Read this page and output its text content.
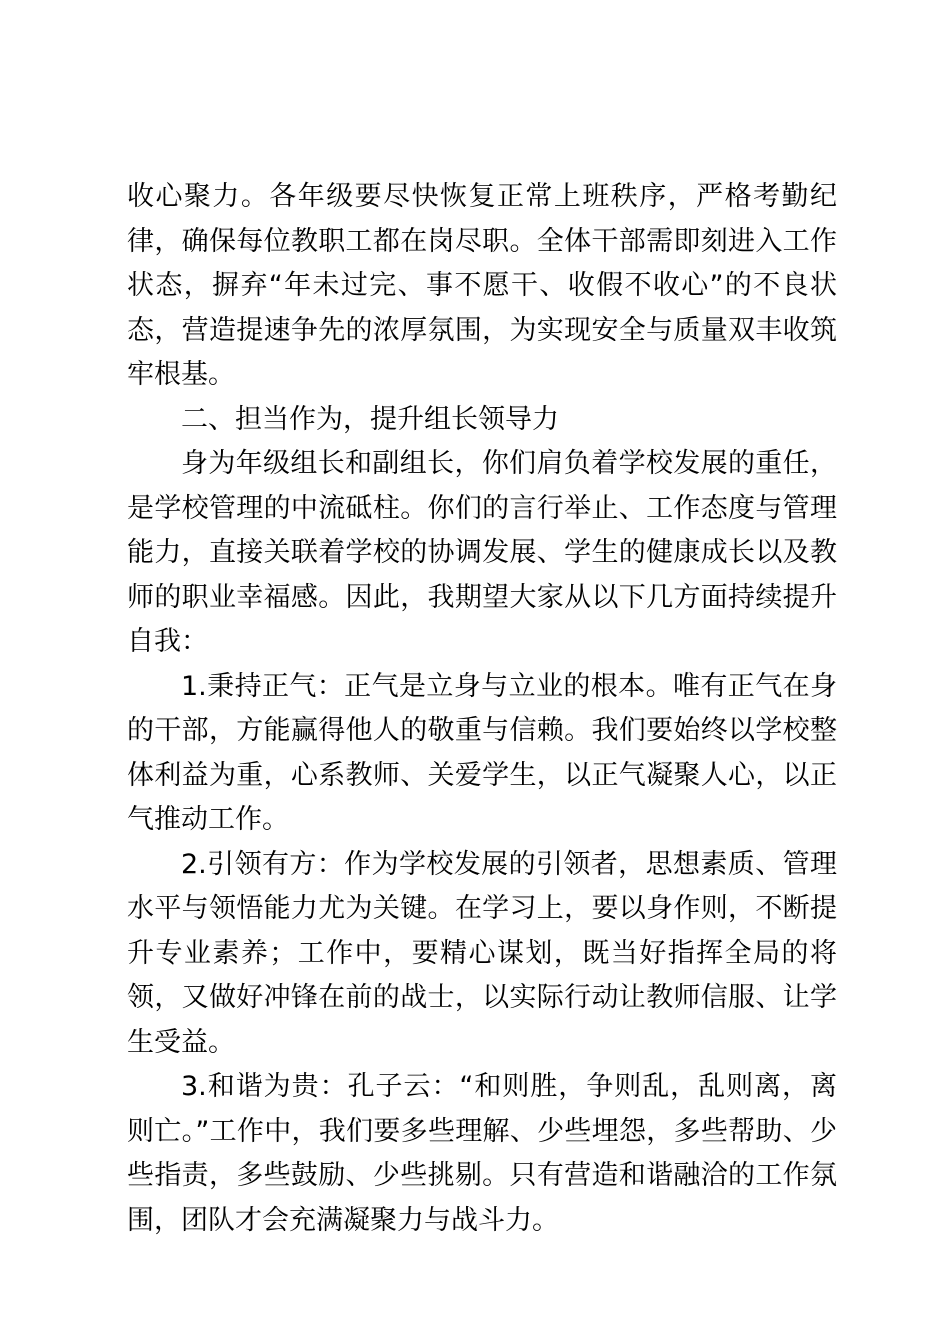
收心聚力。各年级要尽快恢复正常上班秩序，严格考勤纪律，确保每位教职工都在岗尽职。全体干部需即刻进入工作状态，摒弃“年未过完、事不愿干、收假不收心”的不良状态，营造提速争先的浓厚氛围，为实现安全与质量双丰收筑牢根基。

二、担当作为，提升组长领导力

身为年级组长和副组长，你们肩负着学校发展的重任，是学校管理的中流砥柱。你们的言行举止、工作态度与管理能力，直接关联着学校的协调发展、学生的健康成长以及教师的职业幸福感。因此，我期望大家从以下几方面持续提升自我：

1.秉持正气：正气是立身与立业的根本。唯有正气在身的干部，方能赢得他人的敬重与信赖。我们要始终以学校整体利益为重，心系教师、关爱学生，以正气凝聚人心，以正气推动工作。

2.引领有方：作为学校发展的引领者，思想素质、管理水平与领悟能力尤为关键。在学习上，要以身作则，不断提升专业素养；工作中，要精心谋划，既当好指挥全局的将领，又做好冲锋在前的战士，以实际行动让教师信服、让学生受益。

3.和谐为贵：孔子云：“和则胜，争则乱，乱则离，离则亡。”工作中，我们要多些理解、少些埋怨，多些帮助、少些指责，多些鼓励、少些挑剔。只有营造和谐融洽的工作氛围，团队才会充满凝聚力与战斗力。
